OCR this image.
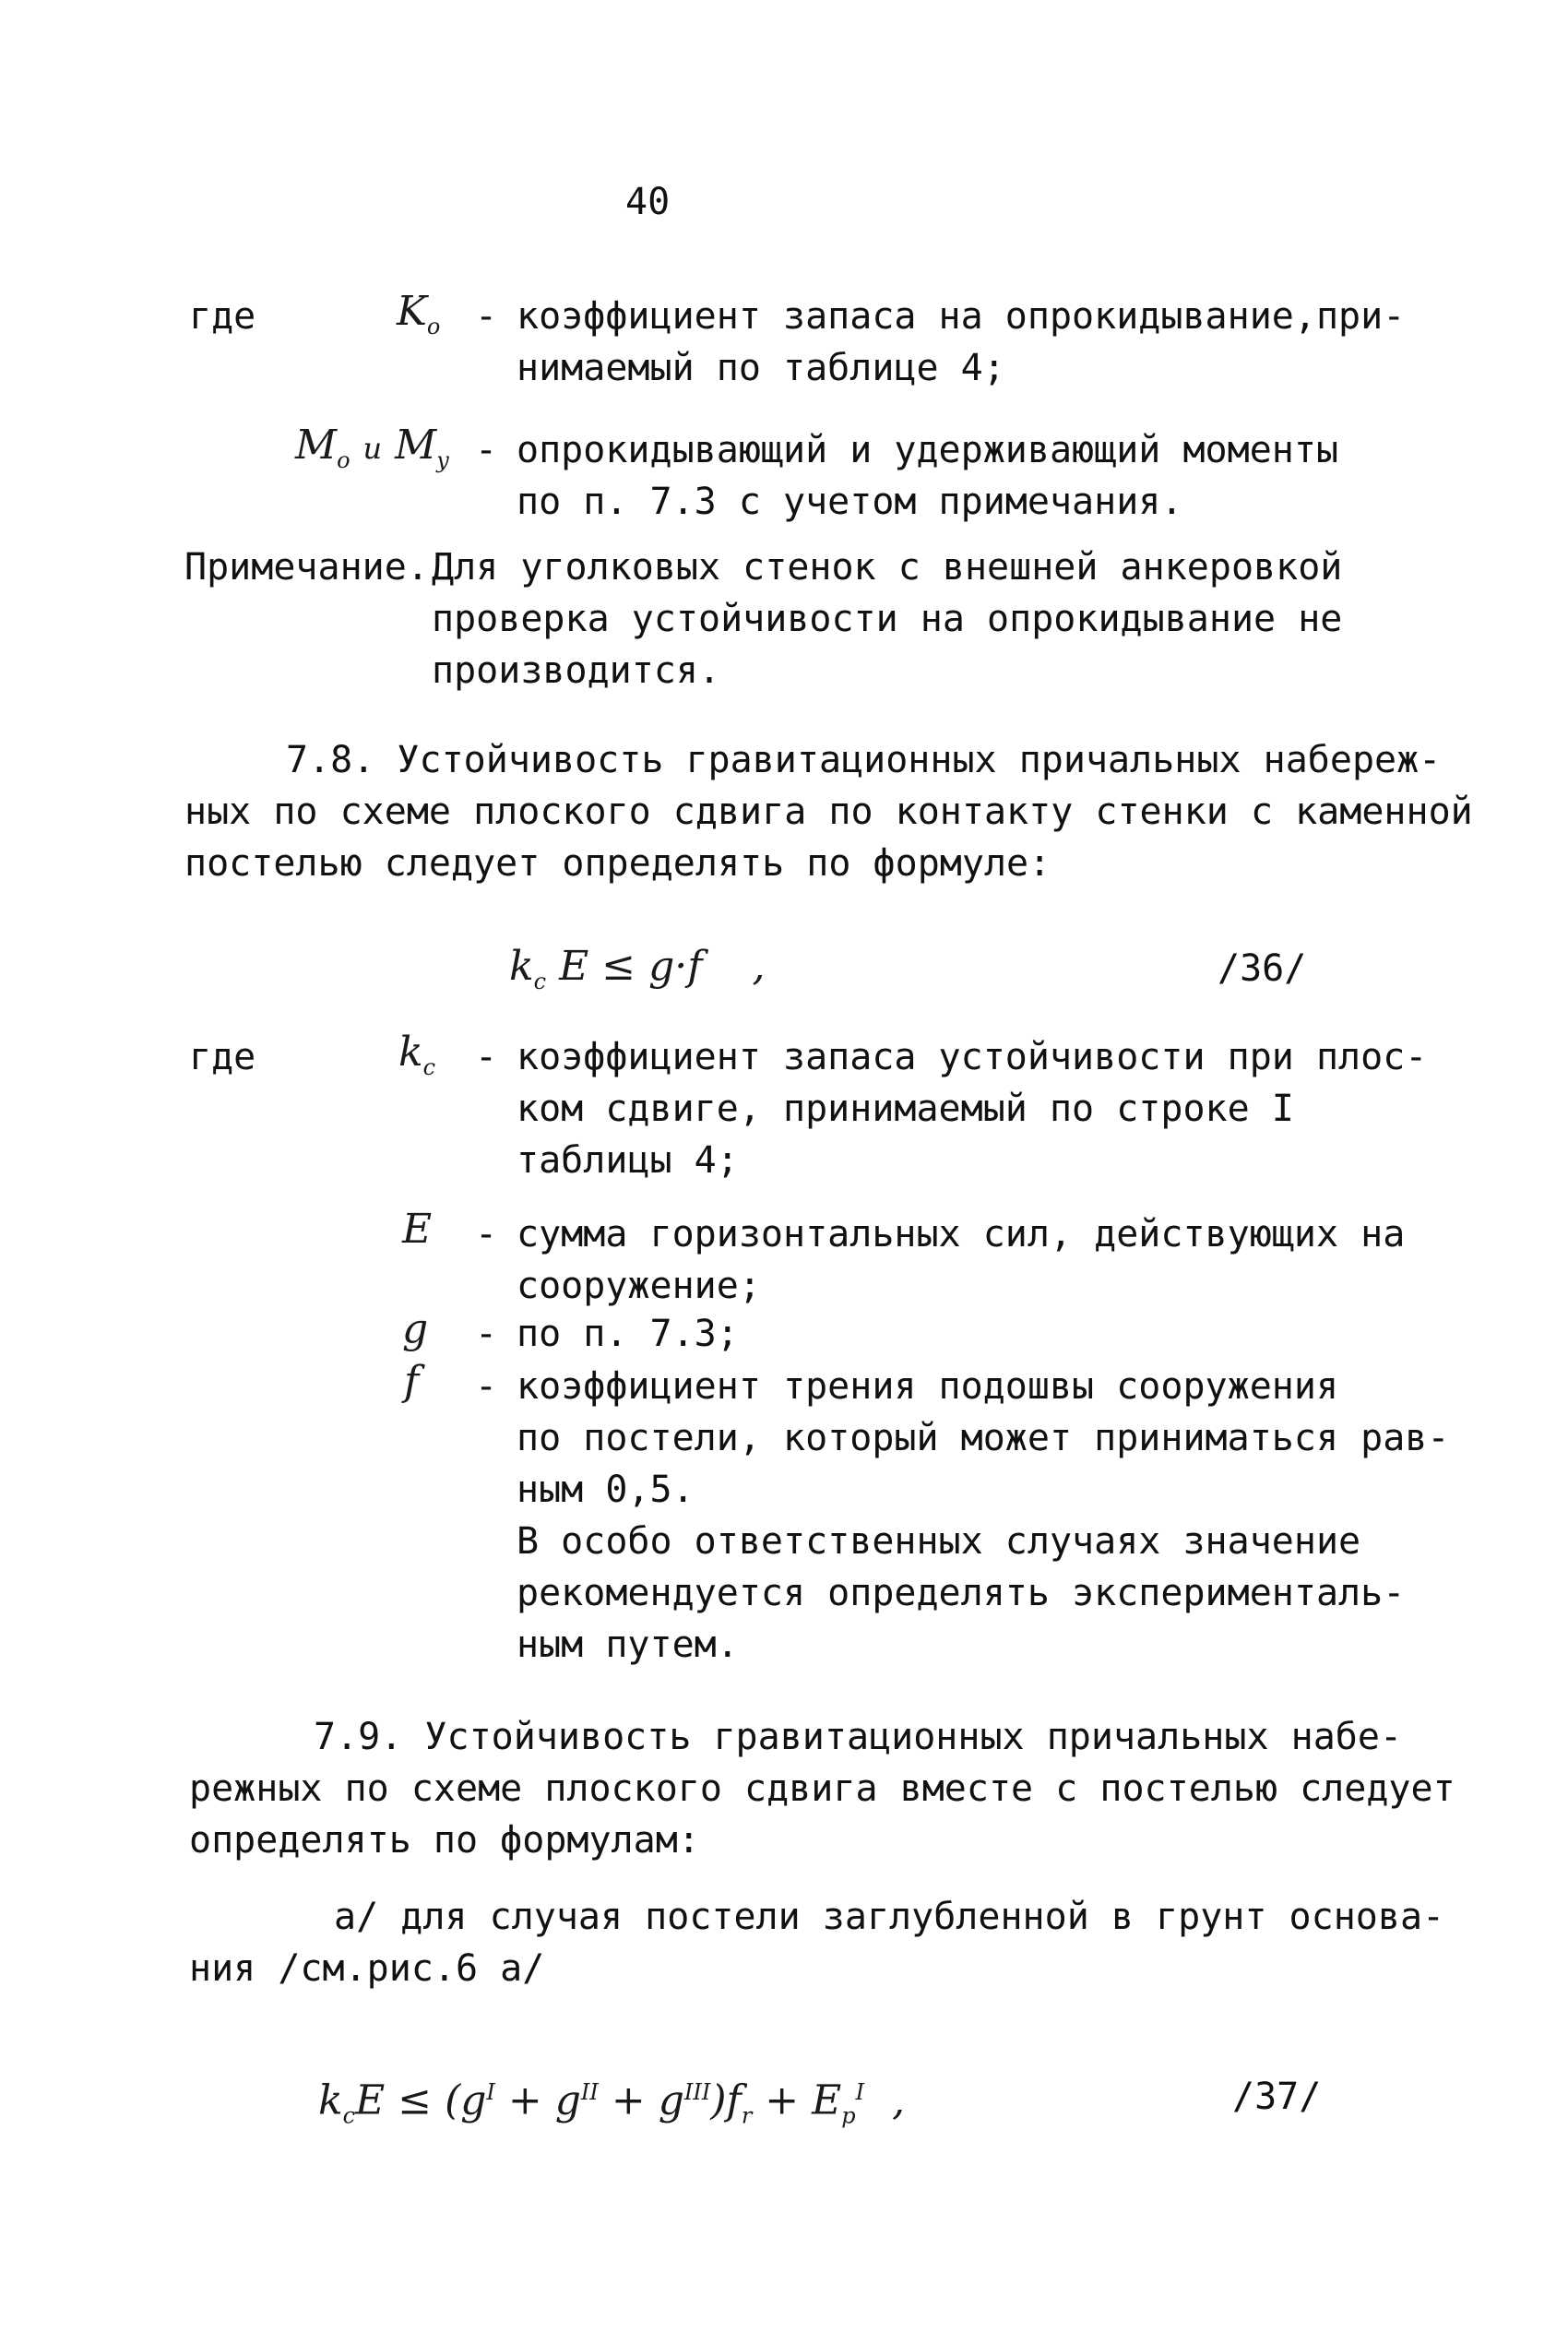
40
где	$K_o$ - коэффициент запаса на опрокидывание,при-
нимаемый по таблице 4;
$M_o$ и $M_y$ - опрокидывающий и удерживающий моменты
по п. 7.3 с учетом примечания.
Примечание. Для уголковых стенок с внешней анкеровкой
проверка устойчивости на опрокидывание не
производится.
7.8. Устойчивость гравитационных причальных набереж-
ных по схеме плоского сдвига по контакту стенки с каменной
постелью следует определять по формуле:
$k_c$ E ≤ g·f ,	/36/
где	$k_c$ - коэффициент запаса устойчивости при плос-
ком сдвиге, принимаемый по строке I
таблицы 4;
E - сумма горизонтальных сил, действующих на
сооружение;
g - по п. 7.3;
f - коэффициент трения подошвы сооружения
по постели, который может приниматься рав-
ным 0,5.
В особо ответственных случаях значение
рекомендуется определять эксперименталь-
ным путем.
7.9. Устойчивость гравитационных причальных набе-
режных по схеме плоского сдвига вместе с постелью следует
определять по формулам:
а/ для случая постели заглубленной в грунт основа-
ния /см.рис.6 а/
$k_cE \le (g^I + g^{II} + g^{III})f_r + E_p^I$ ,	/37/
